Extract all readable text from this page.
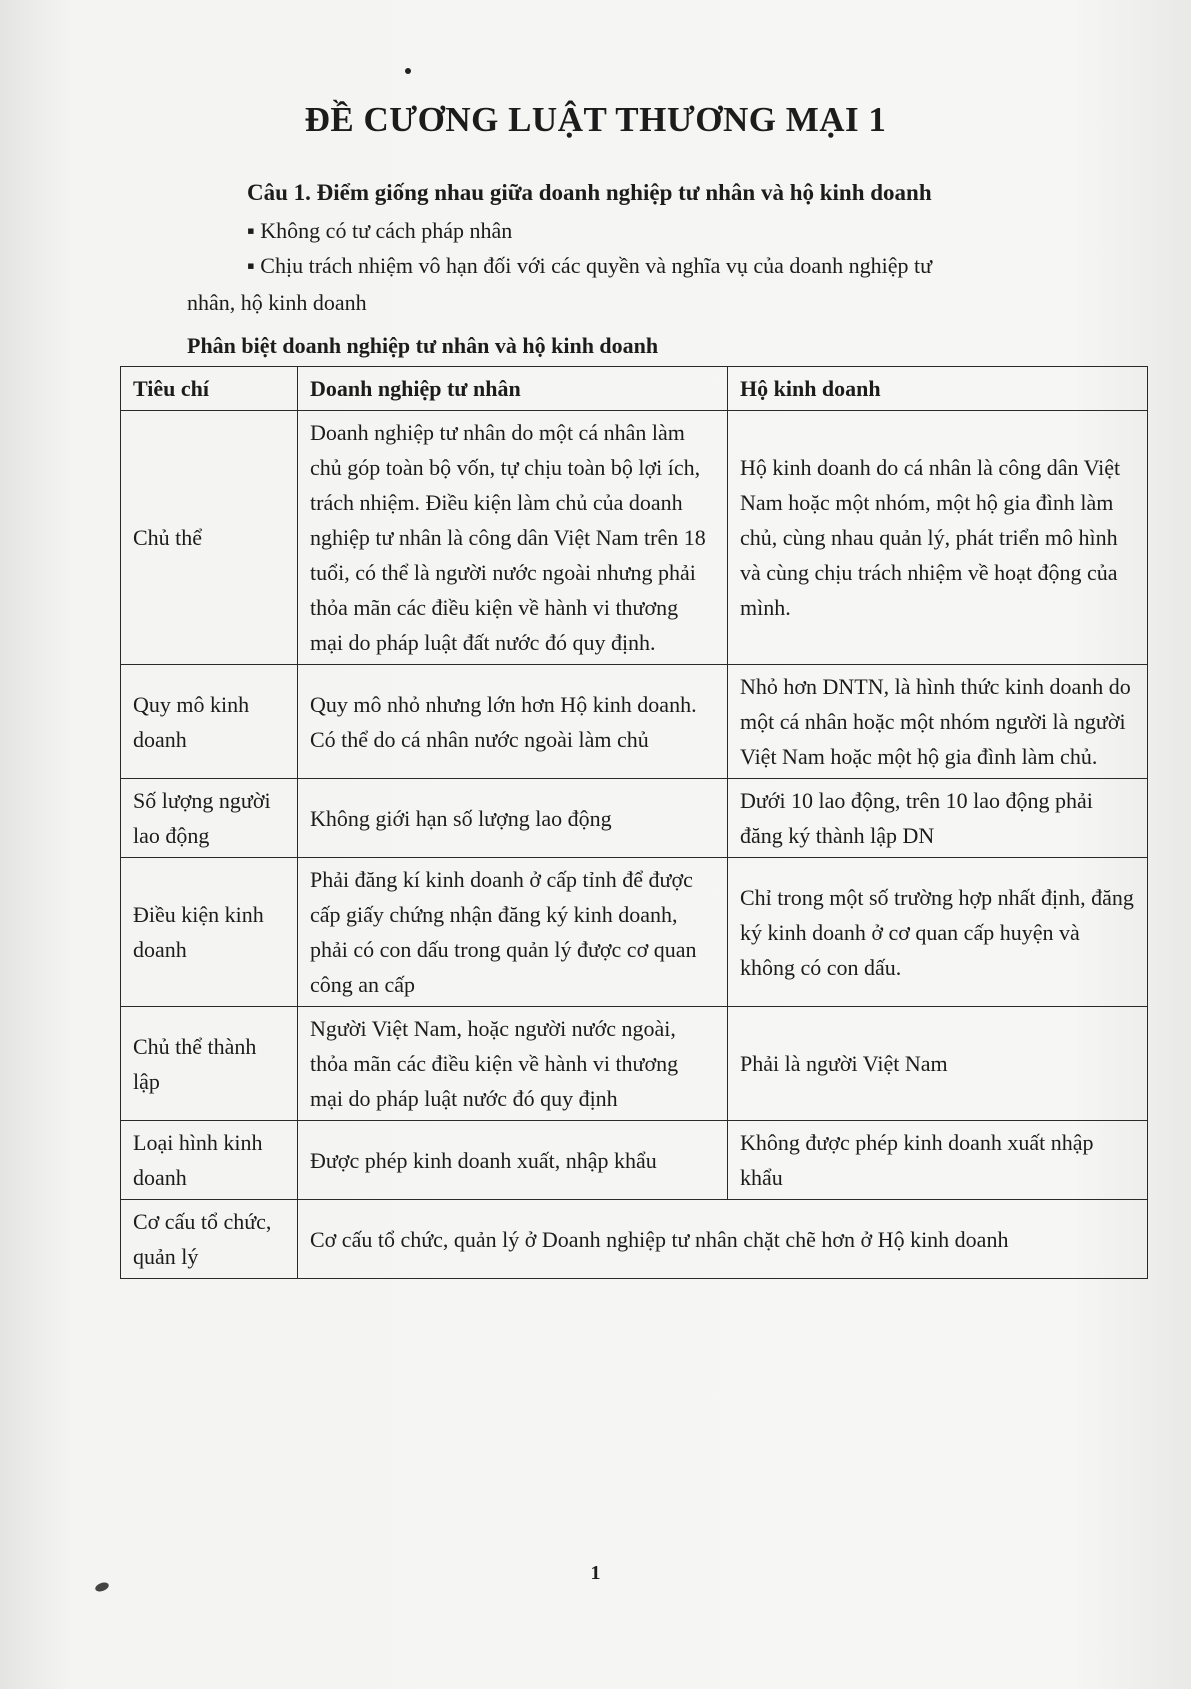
ĐỀ CƯƠNG LUẬT THƯƠNG MẠI 1
Câu 1. Điểm giống nhau giữa doanh nghiệp tư nhân và hộ kinh doanh
▪ Không có tư cách pháp nhân
▪ Chịu trách nhiệm vô hạn đối với các quyền và nghĩa vụ của doanh nghiệp tư
nhân, hộ kinh doanh
Phân biệt doanh nghiệp tư nhân và hộ kinh doanh
Tiêu chí	Doanh nghiệp tư nhân	Hộ kinh doanh
Chủ thể	Doanh nghiệp tư nhân do một cá nhân làm chủ góp toàn bộ vốn, tự chịu toàn bộ lợi ích, trách nhiệm. Điều kiện làm chủ của doanh nghiệp tư nhân là công dân Việt Nam trên 18 tuổi, có thể là người nước ngoài nhưng phải thỏa mãn các điều kiện về hành vi thương mại do pháp luật đất nước đó quy định.	Hộ kinh doanh do cá nhân là công dân Việt Nam hoặc một nhóm, một hộ gia đình làm chủ, cùng nhau quản lý, phát triển mô hình và cùng chịu trách nhiệm về hoạt động của mình.
Quy mô kinh doanh	Quy mô nhỏ nhưng lớn hơn Hộ kinh doanh. Có thể do cá nhân nước ngoài làm chủ	Nhỏ hơn DNTN, là hình thức kinh doanh do một cá nhân hoặc một nhóm người là người Việt Nam hoặc một hộ gia đình làm chủ.
Số lượng người lao động	Không giới hạn số lượng lao động	Dưới 10 lao động, trên 10 lao động phải đăng ký thành lập DN
Điều kiện kinh doanh	Phải đăng kí kinh doanh ở cấp tỉnh để được cấp giấy chứng nhận đăng ký kinh doanh, phải có con dấu trong quản lý được cơ quan công an cấp	Chỉ trong một số trường hợp nhất định, đăng ký kinh doanh ở cơ quan cấp huyện và không có con dấu.
Chủ thể thành lập	Người Việt Nam, hoặc người nước ngoài, thỏa mãn các điều kiện về hành vi thương mại do pháp luật nước đó quy định	Phải là người Việt Nam
Loại hình kinh doanh	Được phép kinh doanh xuất, nhập khẩu	Không được phép kinh doanh xuất nhập khẩu
Cơ cấu tổ chức, quản lý	Cơ cấu tổ chức, quản lý ở Doanh nghiệp tư nhân chặt chẽ hơn ở Hộ kinh doanh	
1
